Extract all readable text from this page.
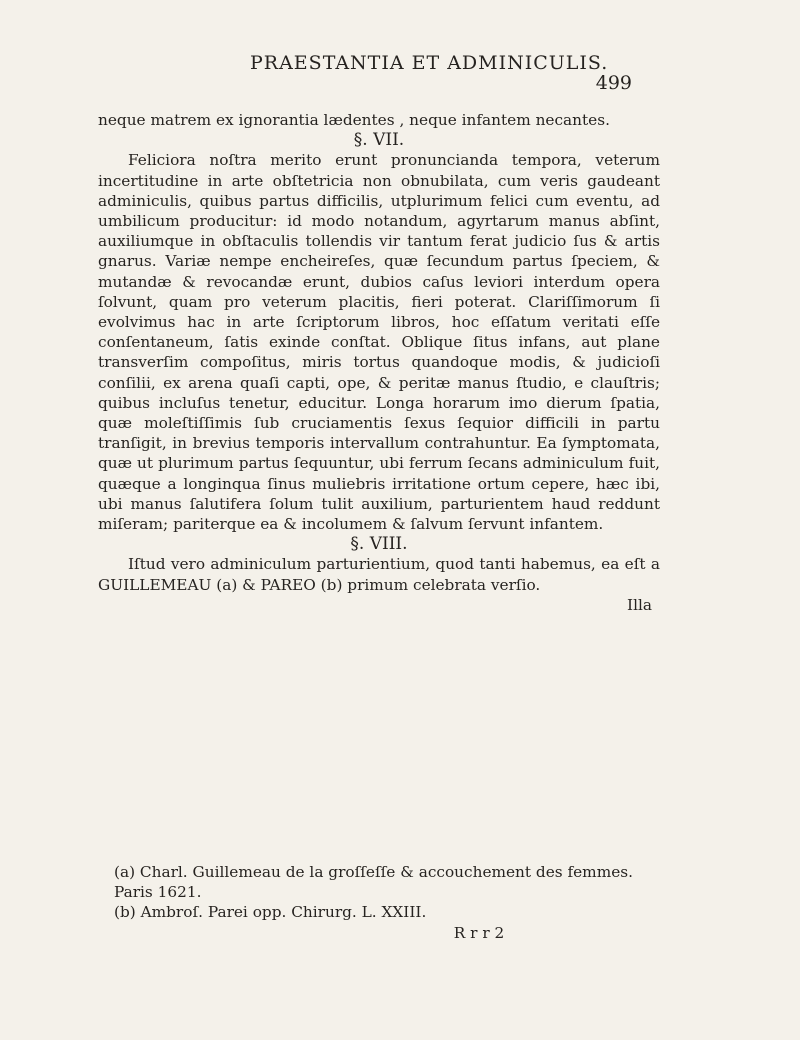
PRAESTANTIA ET ADMINICULIS.
499

neque matrem ex ignorantia lædentes , neque infantem necantes.

§. VII.

Feliciora noſtra merito erunt pronuncianda tempora, veterum incertitudine in arte obſtetricia non obnubilata, cum veris gaudeant adminiculis, quibus partus difficilis, utplurimum felici cum eventu, ad umbilicum producitur: id modo notandum, agyrtarum manus abſint, auxiliumque in obſtaculis tollendis vir tantum ferat judicio ſus & artis gnarus. Variæ nempe encheireſes, quæ ſecundum partus ſpeciem, & mutandæ & revocandæ erunt, dubios caſus leviori interdum opera ſolvunt, quam pro veterum placitis, fieri poterat. Clariſſimorum ſi evolvimus hac in arte ſcriptorum libros, hoc eſſatum veritati eſſe conſentaneum, ſatis exinde conſtat. Oblique ſitus infans, aut plane transverſim compoſitus, miris tortus quandoque modis, & judicioſi conſilii, ex arena quaſi capti, ope, & peritæ manus ſtudio, e clauſtris; quibus incluſus tenetur, educitur. Longa horarum imo dierum ſpatia, quæ moleſtiſſimis ſub cruciamentis ſexus ſequior difficili in partu tranſigit, in brevius temporis intervallum contrahuntur. Ea ſymptomata, quæ ut plurimum partus ſequuntur, ubi ferrum ſecans adminiculum fuit, quæque a longinqua ſinus muliebris irritatione ortum cepere, hæc ibi, ubi manus ſalutifera ſolum tulit auxilium, parturientem haud reddunt miſeram; pariterque ea & incolumem & ſalvum ſervunt infantem.

§. VIII.

Iſtud vero adminiculum parturientium, quod tanti habemus, ea eſt a GUILLEMEAU (a) & PAREO (b) primum celebrata verſio.

Illa

(a) Charl. Guillemeau de la groſſeſſe & accouchement des femmes. Paris 1621.

(b) Ambroſ. Parei opp. Chirurg. L. XXIII.

R r r 2
